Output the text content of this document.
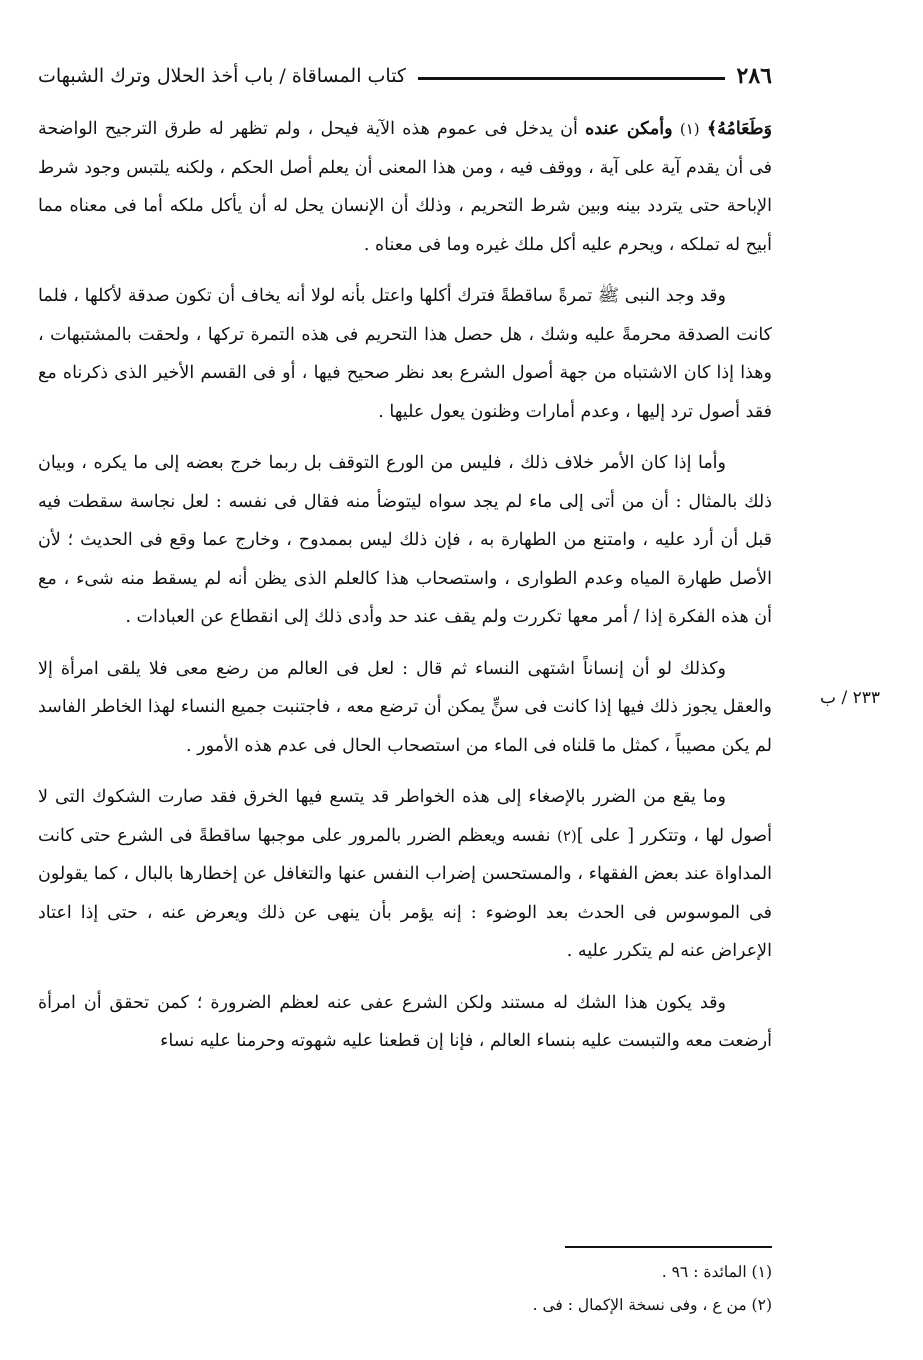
٢٨٦
كتاب المساقاة / باب أخذ الحلال وترك الشبهات
٢٣٣ / ب

وَطَعَامُهُ﴾ (١) وأمكن عنده أن يدخل فى عموم هذه الآية فيحل ، ولم تظهر له طرق الترجيح الواضحة فى أن يقدم آية على آية ، ووقف فيه ، ومن هذا المعنى أن يعلم أصل الحكم ، ولكنه يلتبس وجود شرط الإباحة حتى يتردد بينه وبين شرط التحريم ، وذلك أن الإنسان يحل له أن يأكل ملكه أما فى معناه مما أبيح له تملكه ، ويحرم عليه أكل ملك غيره وما فى معناه .

وقد وجد النبى ﷺ تمرةً ساقطةً فترك أكلها واعتل بأنه لولا أنه يخاف أن تكون صدقة لأكلها ، فلما كانت الصدقة محرمةً عليه وشك ، هل حصل هذا التحريم فى هذه التمرة تركها ، ولحقت بالمشتبهات ، وهذا إذا كان الاشتباه من جهة أصول الشرع بعد نظر صحيح فيها ، أو فى القسم الأخير الذى ذكرناه مع فقد أصول ترد إليها ، وعدم أمارات وظنون يعول عليها .

وأما إذا كان الأمر خلاف ذلك ، فليس من الورع التوقف بل ربما خرج بعضه إلى ما يكره ، وبيان ذلك بالمثال : أن من أتى إلى ماء لم يجد سواه ليتوضأ منه فقال فى نفسه : لعل نجاسة سقطت فيه قبل أن أرد عليه ، وامتنع من الطهارة به ، فإن ذلك ليس بممدوح ، وخارج عما وقع فى الحديث ؛ لأن الأصل طهارة المياه وعدم الطوارى ، واستصحاب هذا كالعلم الذى يظن أنه لم يسقط منه شىء ، مع أن هذه الفكرة إذا / أمر معها تكررت ولم يقف عند حد وأدى ذلك إلى انقطاع عن العبادات .

وكذلك لو أن إنساناً اشتهى النساء ثم قال : لعل فى العالم من رضع معى فلا يلقى امرأة إلا والعقل يجوز ذلك فيها إذا كانت فى سنٍّ يمكن أن ترضع معه ، فاجتنبت جميع النساء لهذا الخاطر الفاسد لم يكن مصيباً ، كمثل ما قلناه فى الماء من استصحاب الحال فى عدم هذه الأمور .

وما يقع من الضرر بالإصغاء إلى هذه الخواطر قد يتسع فيها الخرق فقد صارت الشكوك التى لا أصول لها ، وتتكرر [ على ](٢) نفسه ويعظم الضرر بالمرور على موجبها ساقطةً فى الشرع حتى كانت المداواة عند بعض الفقهاء ، والمستحسن إضراب النفس عنها والتغافل عن إخطارها بالبال ، كما يقولون فى الموسوس فى الحدث بعد الوضوء : إنه يؤمر بأن ينهى عن ذلك ويعرض عنه ، حتى إذا اعتاد الإعراض عنه لم يتكرر عليه .

وقد يكون هذا الشك له مستند ولكن الشرع عفى عنه لعظم الضرورة ؛ كمن تحقق أن امرأة أرضعت معه والتبست عليه بنساء العالم ، فإنا إن قطعنا عليه شهوته وحرمنا عليه نساء

(١) المائدة : ٩٦ .

(٢) من ع ، وفى نسخة الإكمال : فى .
